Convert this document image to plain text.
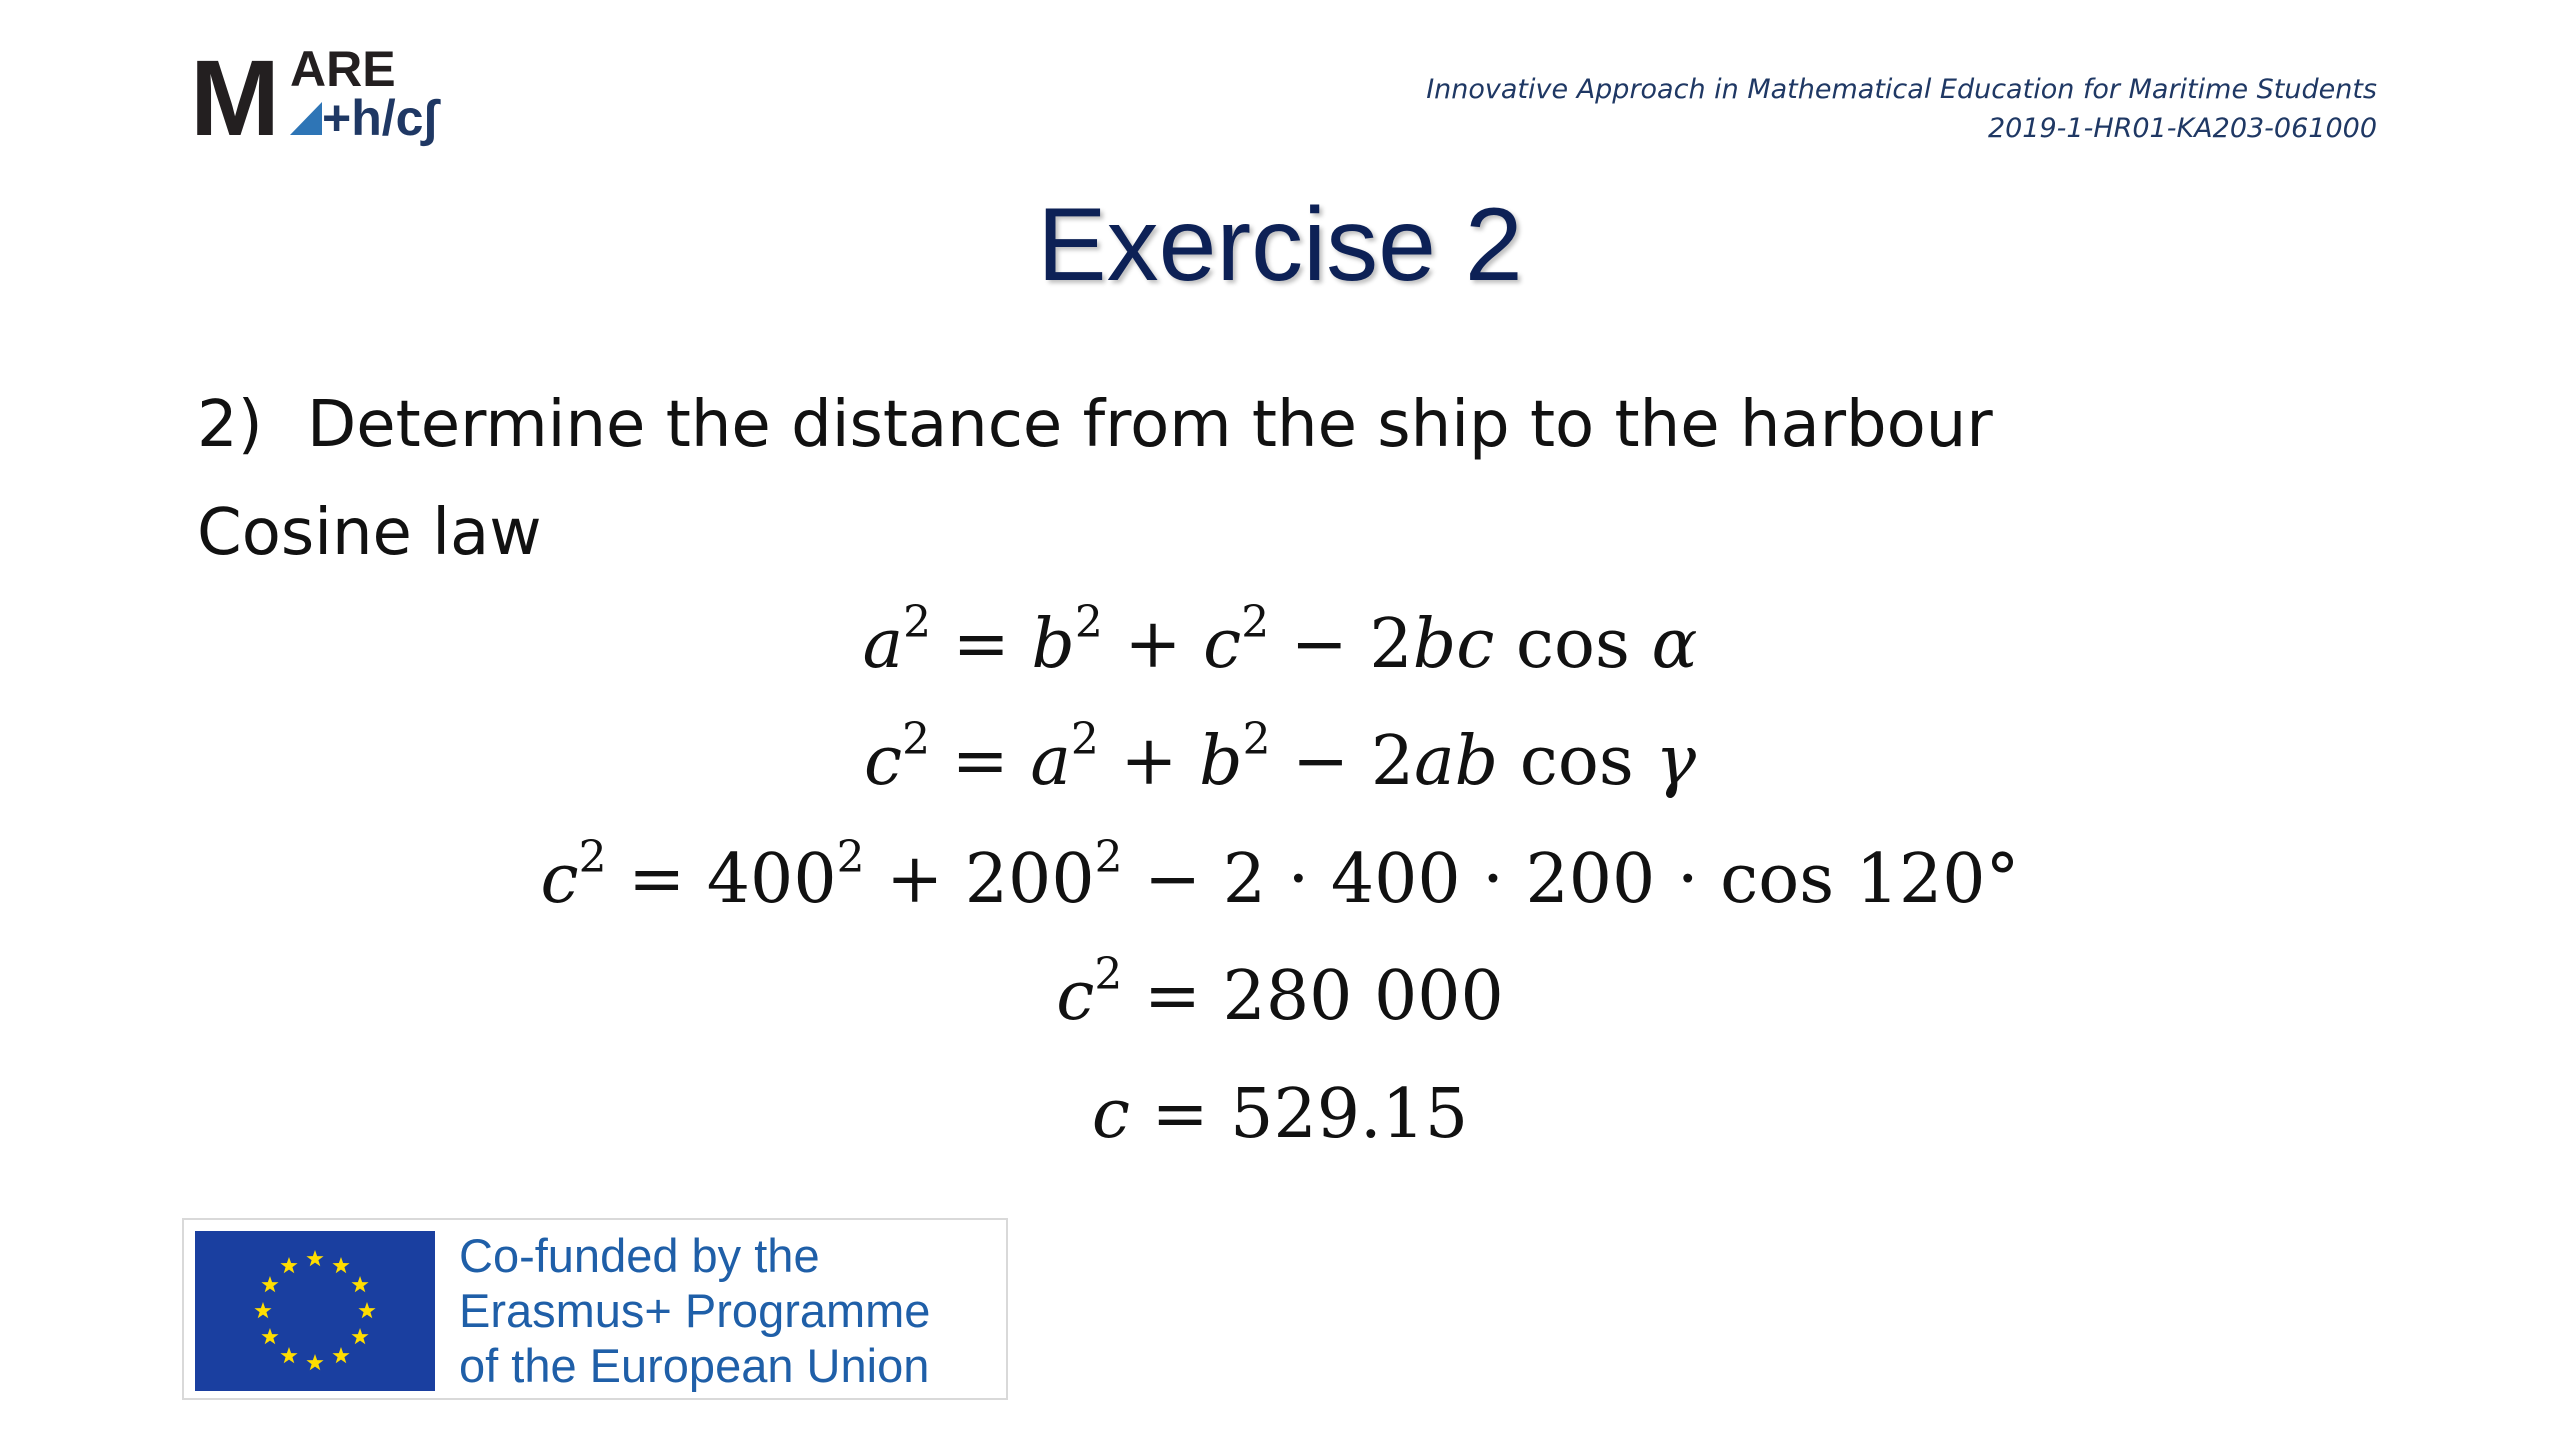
M ARE
+h/c∫
Innovative Approach in Mathematical Education for Maritime Students
2019-1-HR01-KA203-061000
Exercise 2
2) Determine the distance from the ship to the harbour
Cosine law
$a^2 = b^2 + c^2 - 2bc$ cos α
$c^2 = a^2 + b^2 - 2ab$ cos γ
$c^2 = 400^2 + 200^2 - 2 \cdot 400 \cdot 200 \cdot \cos 120^\circ$
$c^2 = 280$ 000
c = 529.15
Co-funded by the
Erasmus+ Programme
of the European Union
